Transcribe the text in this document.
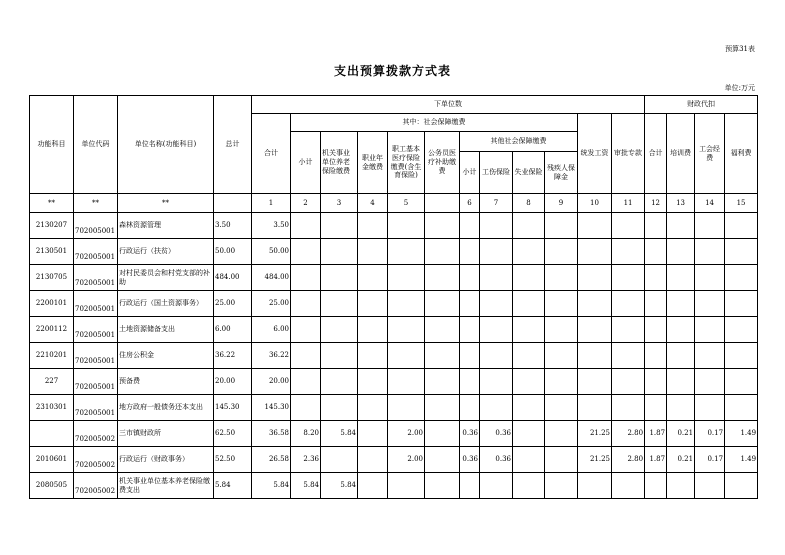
预算31表
支出预算拨款方式表
单位:万元
功能科目	单位代码	单位名称(功能科目)	总计	下单位数												财政代扣			
				合计	其中：社会保障缴费									统发工资	审批专款	合计	培训费	工会经费	福利费
					小计	机关事业单位养老保险缴费	职业年金缴费	职工基本医疗保险缴费(含生育保险)	公务员医疗补助缴费	其他社会保障缴费									
										小计	工伤保险	失业保险	残疾人保障金						
**	**	**		1	2	3	4	5		6	7	8	9	10	11	12	13	14	15
2130207	702005001	森林资源管理	3.50	3.50															
2130501	702005001	行政运行（扶贫）	50.00	50.00															
2130705	702005001	对村民委员会和村党支部的补助	484.00	484.00															
2200101	702005001	行政运行（国土资源事务）	25.00	25.00															
2200112	702005001	土地资源储备支出	6.00	6.00															
2210201	702005001	住房公积金	36.22	36.22															
227	702005001	预备费	20.00	20.00															
2310301	702005001	地方政府一般债务还本支出	145.30	145.30															
	702005002	三市镇财政所	62.50	36.58	8.20	5.84		2.00		0.36	0.36			21.25	2.80	1.87	0.21	0.17	1.49
2010601	702005002	行政运行（财政事务）	52.50	26.58	2.36			2.00		0.36	0.36			21.25	2.80	1.87	0.21	0.17	1.49
2080505	702005002	机关事业单位基本养老保险缴费支出	5.84	5.84	5.84	5.84													
